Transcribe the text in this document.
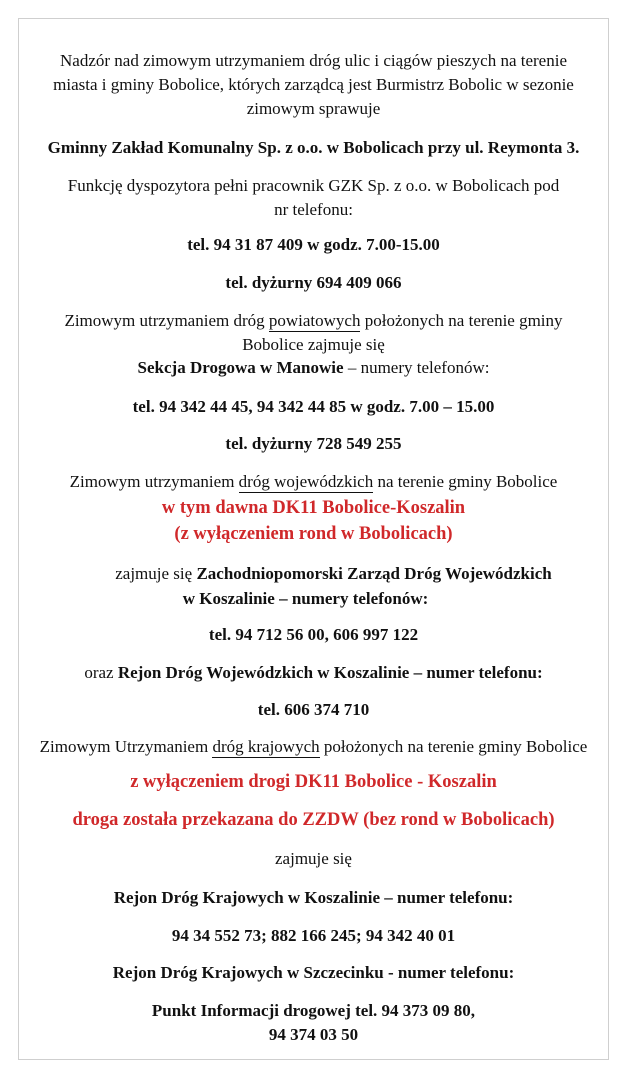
Nadzór nad zimowym utrzymaniem dróg ulic i ciągów pieszych na terenie
miasta i gminy Bobolice, których zarządcą jest Burmistrz Bobolic w sezonie
zimowym sprawuje
Gminny Zakład Komunalny Sp. z o.o. w Bobolicach przy ul. Reymonta 3.
Funkcję dyspozytora pełni pracownik GZK Sp. z o.o. w Bobolicach pod
nr telefonu:
tel. 94 31 87 409 w godz. 7.00-15.00
tel. dyżurny 694 409 066
Zimowym utrzymaniem dróg powiatowych położonych na terenie gminy
Bobolice zajmuje się
Sekcja Drogowa w Manowie – numery telefonów:
tel. 94 342 44 45, 94 342 44 85 w godz. 7.00 – 15.00
tel. dyżurny 728 549 255
Zimowym utrzymaniem dróg wojewódzkich na terenie gminy Bobolice
w tym dawna DK11 Bobolice-Koszalin
(z wyłączeniem rond w Bobolicach)
zajmuje się Zachodniopomorski Zarząd Dróg Wojewódzkich
w Koszalinie – numery telefonów:
tel. 94 712 56 00, 606 997 122
oraz Rejon Dróg Wojewódzkich w Koszalinie – numer telefonu:
tel. 606 374 710
Zimowym Utrzymaniem dróg krajowych położonych na terenie gminy Bobolice
z wyłączeniem drogi DK11 Bobolice - Koszalin
droga została przekazana do ZZDW (bez rond w Bobolicach)
zajmuje się
Rejon Dróg Krajowych w Koszalinie – numer telefonu:
94 34 552 73; 882 166 245; 94 342 40 01
Rejon Dróg Krajowych w Szczecinku - numer telefonu:
Punkt Informacji drogowej tel. 94 373 09 80,
94 374 03 50
